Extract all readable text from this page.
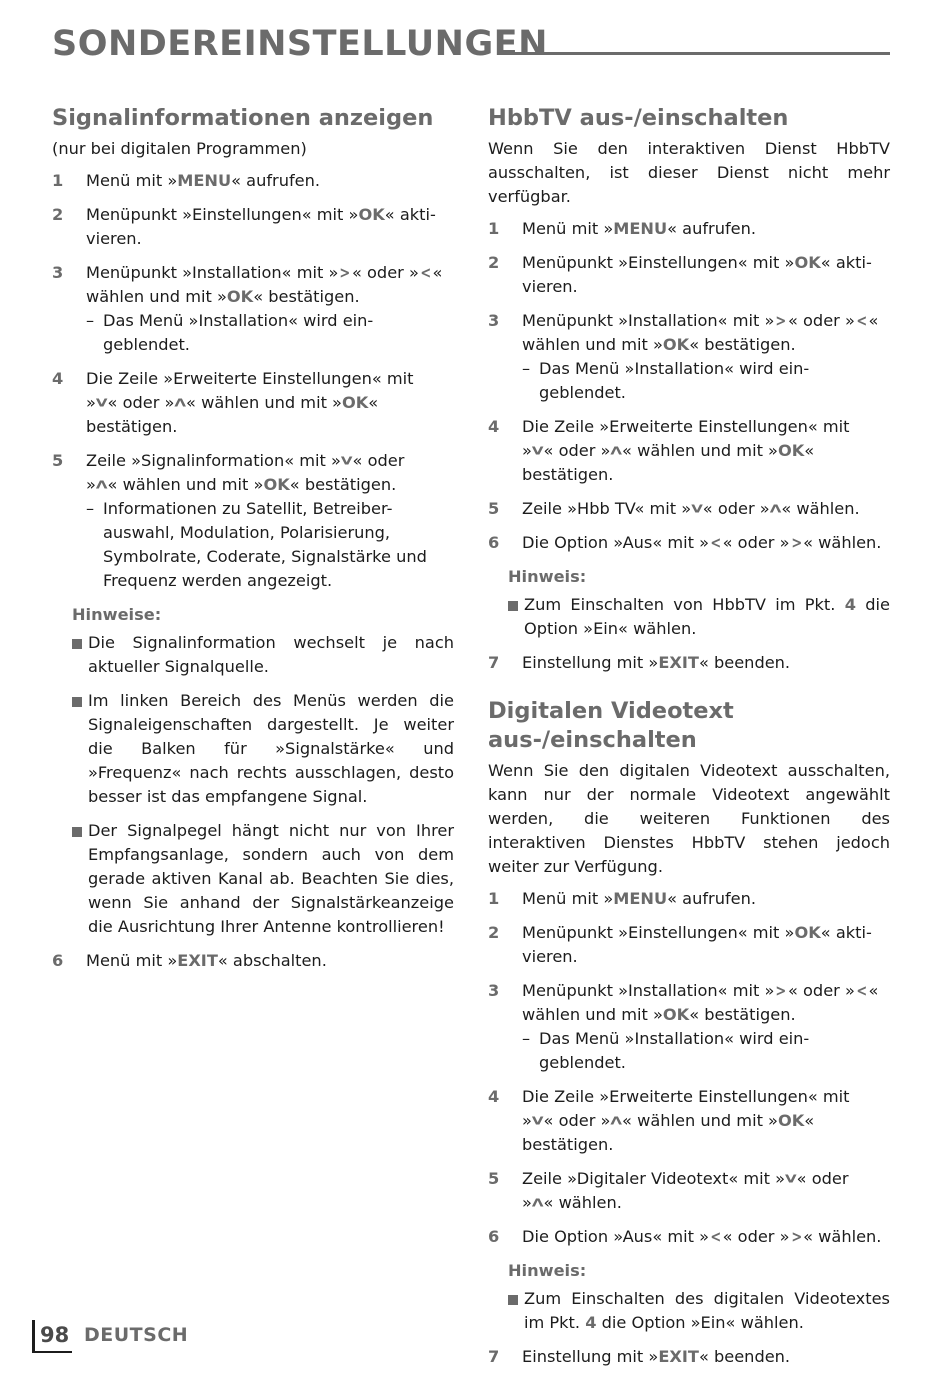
SONDEREINSTELLUNGEN
Signalinformationen anzeigen
(nur bei digitalen Programmen)
1 Menü mit »MENU« aufrufen.
2 Menüpunkt »Einstellungen« mit »OK« akti-
vieren.
3 Menüpunkt »Installation« mit »>« oder »<«
wählen und mit »OK« bestätigen.
– Das Menü »Installation« wird ein-
geblendet.
4 Die Zeile »Erweiterte Einstellungen« mit
»V« oder »Λ« wählen und mit »OK«
bestätigen.
5 Zeile »Signalinformation« mit »V« oder
»Λ« wählen und mit »OK« bestätigen.
– Informationen zu Satellit, Betreiber-
auswahl, Modulation, Polarisierung,
Symbolrate, Coderate, Signalstärke und
Frequenz werden angezeigt.
Hinweise:
Die Signalinformation wechselt je nach aktueller Signalquelle.
Im linken Bereich des Menüs werden die Signaleigenschaften dargestellt. Je weiter die Balken für »Signalstärke« und »Frequenz« nach rechts ausschlagen, desto besser ist das empfangene Signal.
Der Signalpegel hängt nicht nur von Ihrer Empfangsanlage, sondern auch von dem gerade aktiven Kanal ab. Beachten Sie dies, wenn Sie anhand der Signalstärkeanzeige die Ausrichtung Ihrer Antenne kontrollieren!
6 Menü mit »EXIT« abschalten.
HbbTV aus-/einschalten
Wenn Sie den interaktiven Dienst HbbTV ausschalten, ist dieser Dienst nicht mehr verfügbar.
1 Menü mit »MENU« aufrufen.
2 Menüpunkt »Einstellungen« mit »OK« akti-
vieren.
3 Menüpunkt »Installation« mit »>« oder »<«
wählen und mit »OK« bestätigen.
– Das Menü »Installation« wird ein-
geblendet.
4 Die Zeile »Erweiterte Einstellungen« mit
»V« oder »Λ« wählen und mit »OK«
bestätigen.
5 Zeile »Hbb TV« mit »V« oder »Λ« wählen.
6 Die Option »Aus« mit »<« oder »>« wählen.
Hinweis:
Zum Einschalten von HbbTV im Pkt. 4 die Option »Ein« wählen.
7 Einstellung mit »EXIT« beenden.
Digitalen Videotext aus-/einschalten
Wenn Sie den digitalen Videotext ausschalten, kann nur der normale Videotext angewählt werden, die weiteren Funktionen des interaktiven Dienstes HbbTV stehen jedoch weiter zur Verfügung.
1 Menü mit »MENU« aufrufen.
2 Menüpunkt »Einstellungen« mit »OK« akti-
vieren.
3 Menüpunkt »Installation« mit »>« oder »<«
wählen und mit »OK« bestätigen.
– Das Menü »Installation« wird ein-
geblendet.
4 Die Zeile »Erweiterte Einstellungen« mit
»V« oder »Λ« wählen und mit »OK«
bestätigen.
5 Zeile »Digitaler Videotext« mit »V« oder
»Λ« wählen.
6 Die Option »Aus« mit »<« oder »>« wählen.
Hinweis:
Zum Einschalten des digitalen Videotextes im Pkt. 4 die Option »Ein« wählen.
7 Einstellung mit »EXIT« beenden.
98 DEUTSCH
